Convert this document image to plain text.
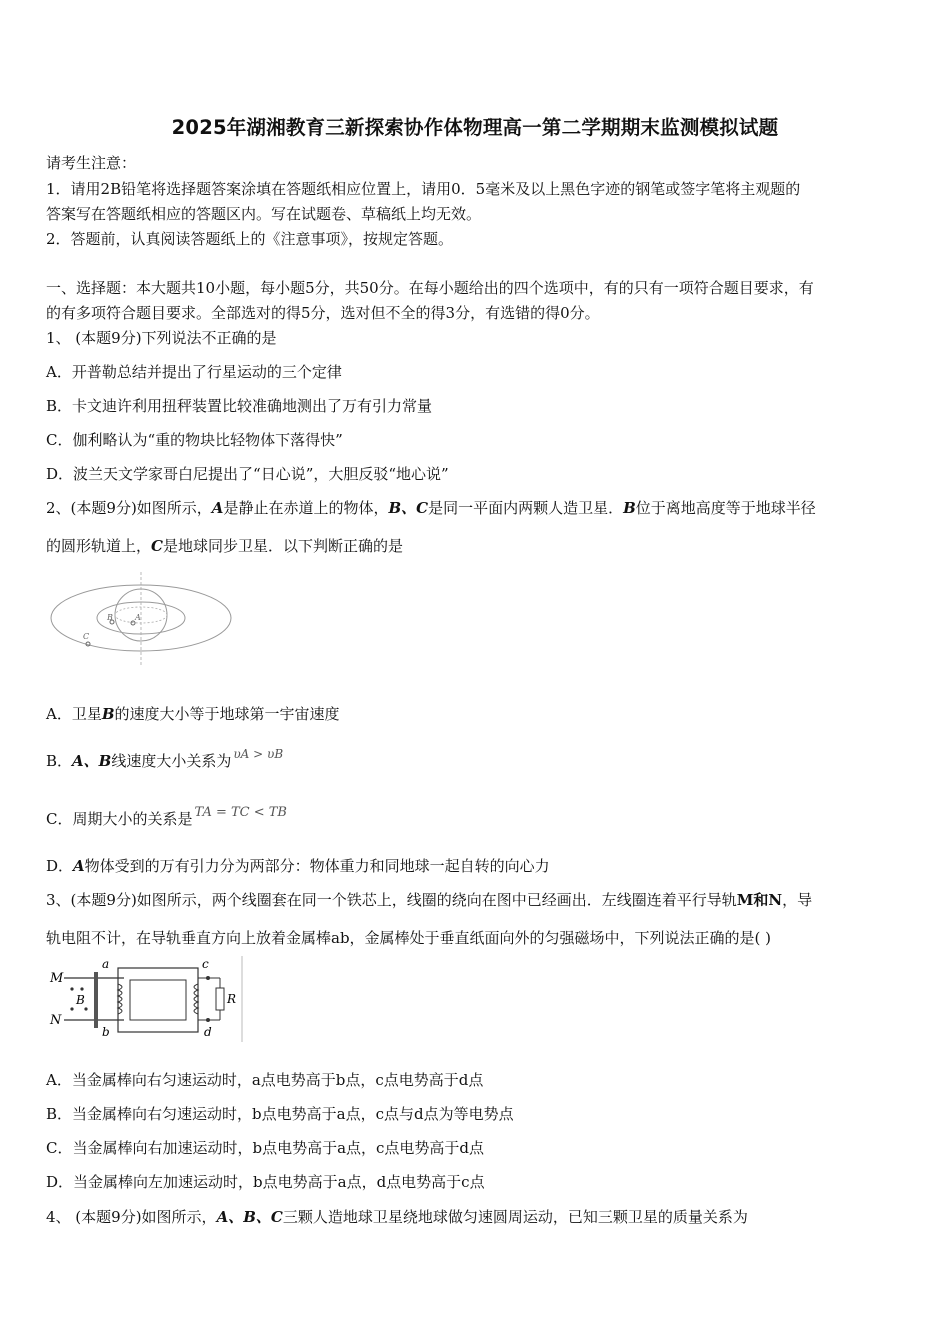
2025年湖湘教育三新探索协作体物理高一第二学期期末监测模拟试题
请考生注意：
1．请用2B铅笔将选择题答案涂填在答题纸相应位置上，请用0．5毫米及以上黑色字迹的钢笔或签字笔将主观题的
答案写在答题纸相应的答题区内。写在试题卷、草稿纸上均无效。
2．答题前，认真阅读答题纸上的《注意事项》，按规定答题。
一、选择题：本大题共10小题，每小题5分，共50分。在每小题给出的四个选项中，有的只有一项符合题目要求，有
的有多项符合题目要求。全部选对的得5分，选对但不全的得3分，有选错的得0分。
1、 (本题9分)下列说法不正确的是
A．开普勒总结并提出了行星运动的三个定律
B．卡文迪许利用扭秤装置比较准确地测出了万有引力常量
C．伽利略认为“重的物块比轻物体下落得快”
D．波兰天文学家哥白尼提出了“日心说”，大胆反驳“地心说”
2、(本题9分)如图所示，A是静止在赤道上的物体，B、C是同一平面内两颗人造卫星．B位于离地高度等于地球半径
的圆形轨道上，C是地球同步卫星．以下判断正确的是
A
B
C
A．卫星B的速度大小等于地球第一宇宙速度
B．A、B线速度大小关系为 $^{\upsilon A > \upsilon B}$
C．周期大小的关系是 TA = TC < TB
D．A物体受到的万有引力分为两部分：物体重力和同地球一起自转的向心力
3、(本题9分)如图所示，两个线圈套在同一个铁芯上，线圈的绕向在图中已经画出．左线圈连着平行导轨M和N，导
轨电阻不计，在导轨垂直方向上放着金属棒ab，金属棒处于垂直纸面向外的匀强磁场中，下列说法正确的是( )
M
N
B
a
b
c
d
R
A．当金属棒向右匀速运动时，a点电势高于b点，c点电势高于d点
B．当金属棒向右匀速运动时，b点电势高于a点，c点与d点为等电势点
C．当金属棒向右加速运动时，b点电势高于a点，c点电势高于d点
D．当金属棒向左加速运动时，b点电势高于a点，d点电势高于c点
4、 (本题9分)如图所示，A、B、C三颗人造地球卫星绕地球做匀速圆周运动，已知三颗卫星的质量关系为
